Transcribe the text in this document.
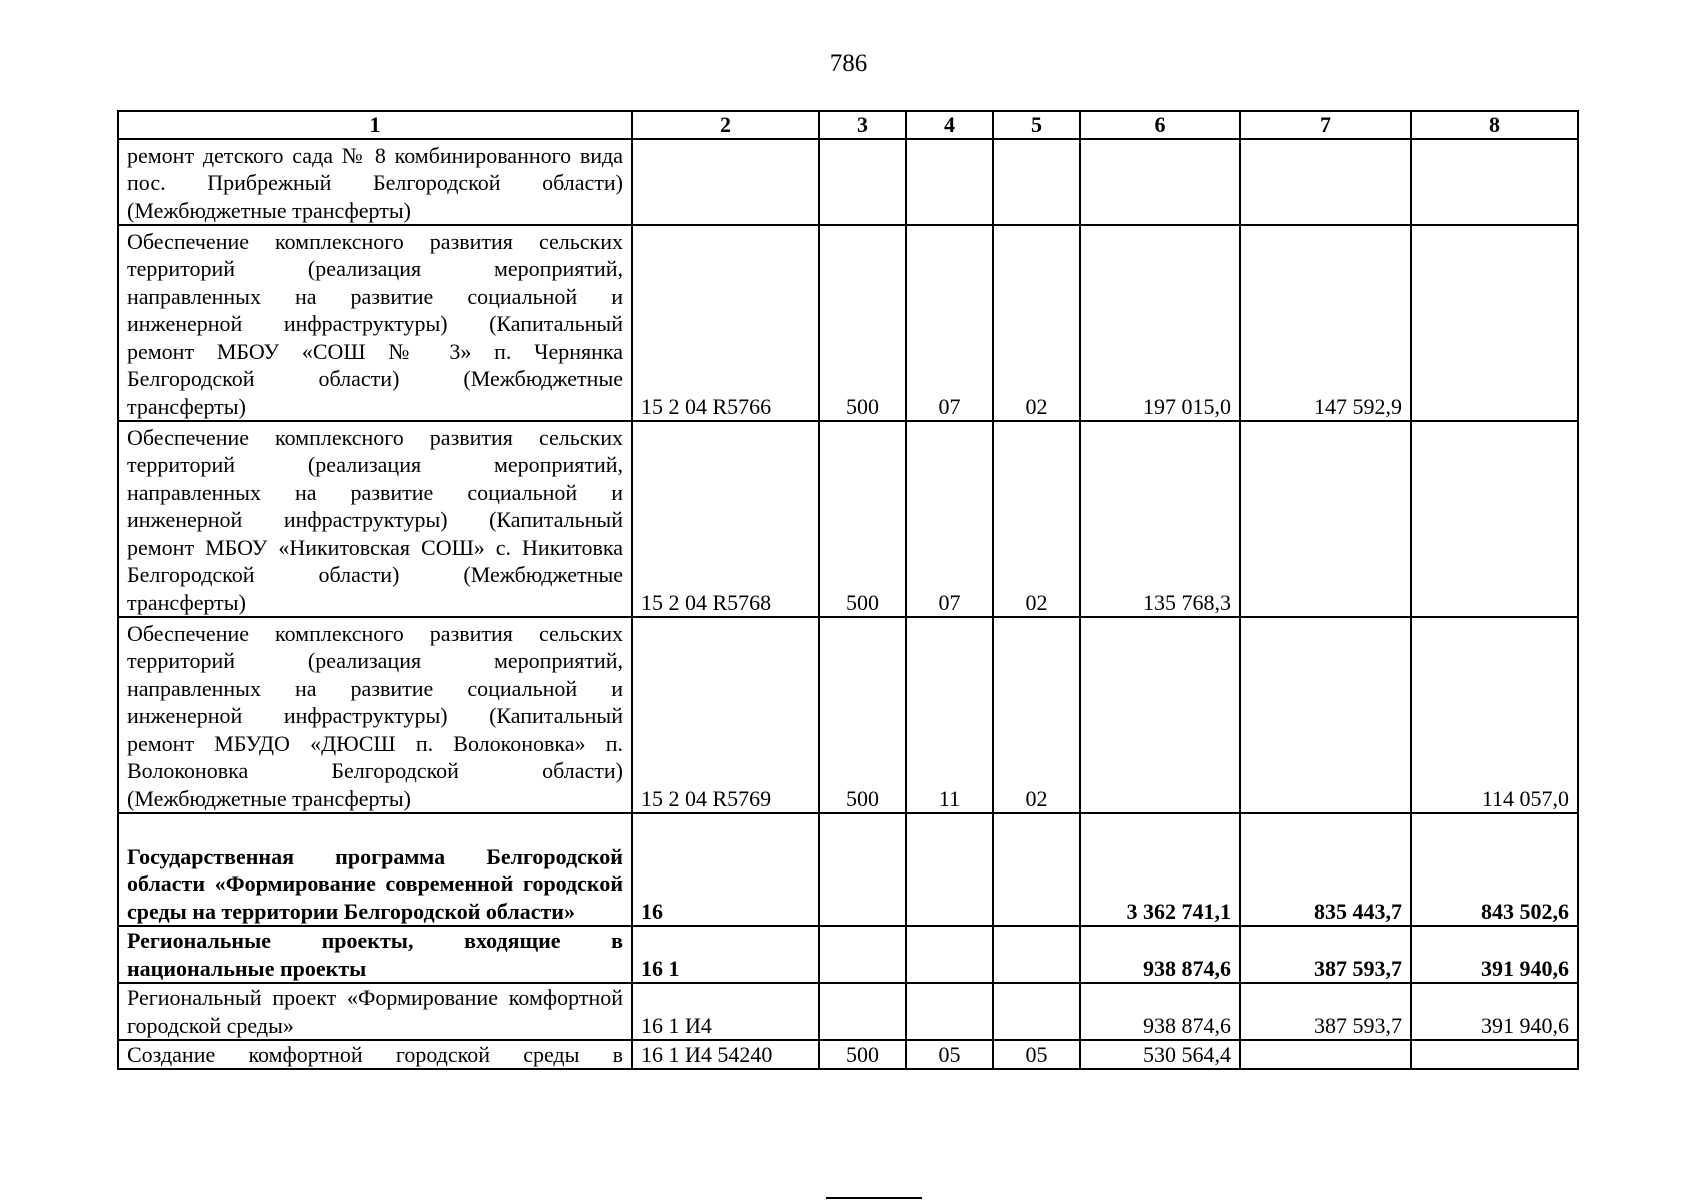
786
1	2	3	4	5	6	7	8
ремонт детского сада № 8 комбинированного вида пос. Прибрежный Белгородской области) (Межбюджетные трансферты)							
Обеспечение комплексного развития сельских территорий (реализация мероприятий, направленных на развитие социальной и инженерной инфраструктуры) (Капитальный ремонт МБОУ «СОШ № 3» п. Чернянка Белгородской области) (Межбюджетные трансферты)	15 2 04 R5766	500	07	02	197 015,0	147 592,9	
Обеспечение комплексного развития сельских территорий (реализация мероприятий, направленных на развитие социальной и инженерной инфраструктуры) (Капитальный ремонт МБОУ «Никитовская СОШ» с. Никитовка Белгородской области) (Межбюджетные трансферты)	15 2 04 R5768	500	07	02	135 768,3		
Обеспечение комплексного развития сельских территорий (реализация мероприятий, направленных на развитие социальной и инженерной инфраструктуры) (Капитальный ремонт МБУДО «ДЮСШ п. Волоконовка» п. Волоконовка Белгородской области) (Межбюджетные трансферты)	15 2 04 R5769	500	11	02			114 057,0
Государственная программа Белгородской области «Формирование современной городской среды на территории Белгородской области»	16				3 362 741,1	835 443,7	843 502,6
Региональные проекты, входящие в национальные проекты	16 1				938 874,6	387 593,7	391 940,6
Региональный проект «Формирование комфортной городской среды»	16 1 И4				938 874,6	387 593,7	391 940,6
Создание комфортной городской среды в	16 1 И4 54240	500	05	05	530 564,4		
